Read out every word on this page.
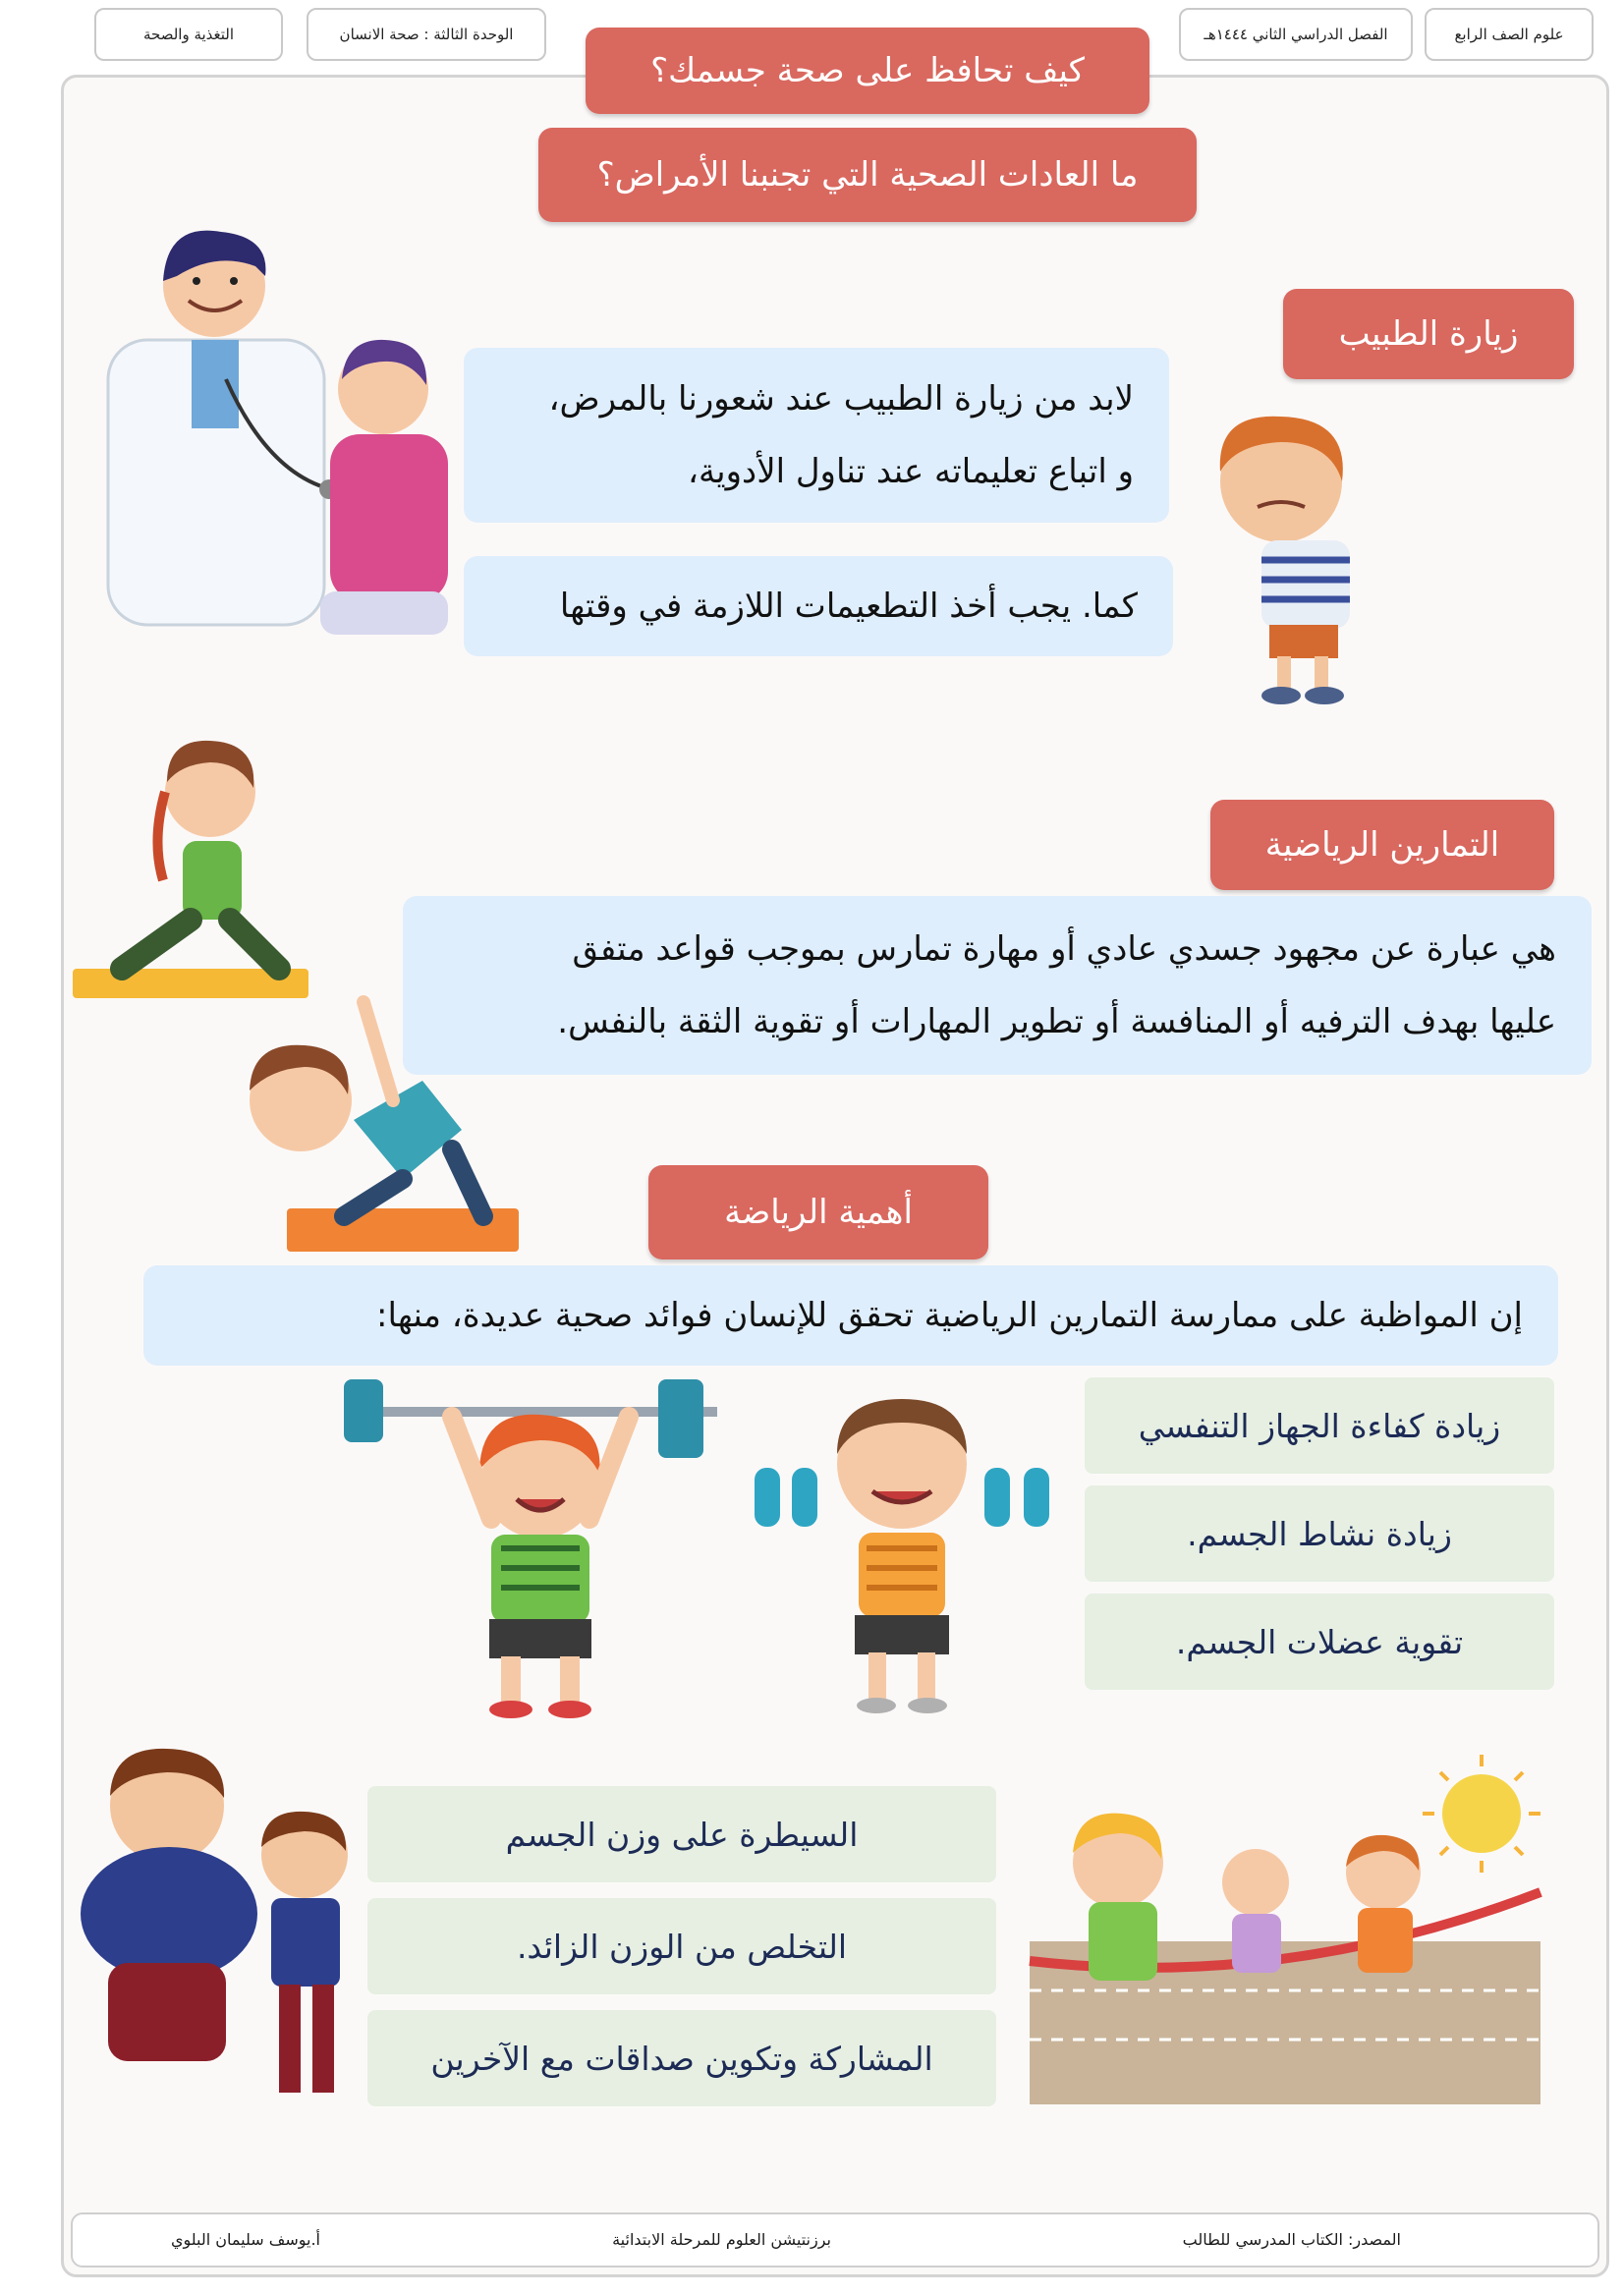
علوم الصف الرابع
الفصل الدراسي الثاني ١٤٤٤هـ
الوحدة الثالثة : صحة الانسان
التغذية والصحة
كيف تحافظ على صحة جسمك؟
ما العادات الصحية التي تجنبنا الأمراض؟
زيارة الطبيب
لابد من زيارة الطبيب عند شعورنا بالمرض،
و اتباع تعليماته عند تناول الأدوية،
كما. يجب أخذ التطعيمات اللازمة في وقتها
التمارين الرياضية
هي عبارة عن مجهود جسدي عادي أو مهارة تمارس بموجب قواعد متفق
عليها بهدف الترفيه أو المنافسة أو تطوير المهارات أو تقوية الثقة بالنفس.
أهمية الرياضة
إن المواظبة على ممارسة التمارين الرياضية تحقق للإنسان فوائد صحية عديدة، منها:
زيادة كفاءة الجهاز التنفسي
زيادة نشاط الجسم.
تقوية عضلات الجسم.
السيطرة على وزن الجسم
التخلص من الوزن الزائد.
المشاركة وتكوين صداقات مع الآخرين
المصدر: الكتاب المدرسي للطالب
برزنتيشن العلوم للمرحلة الابتدائية
أ.يوسف سليمان البلوي
